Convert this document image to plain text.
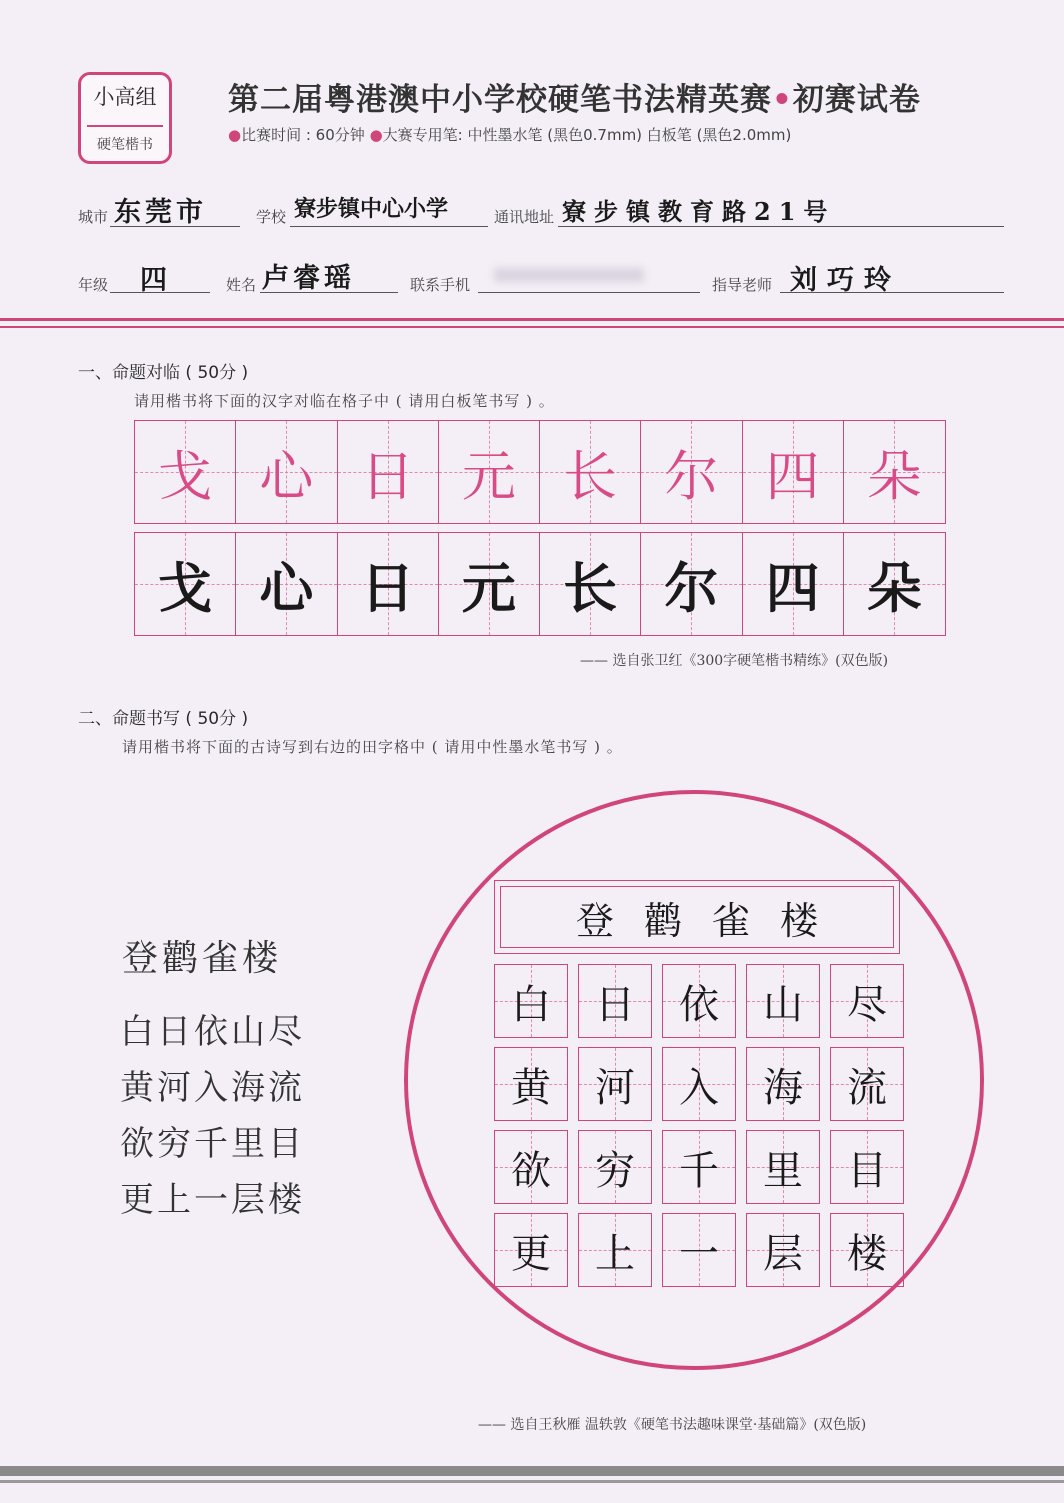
小高组
硬笔楷书
第二届粤港澳中小学校硬笔书法精英赛•初赛试卷
●比赛时间 : 60分钟 ●大赛专用笔: 中性墨水笔 (黑色0.7mm) 白板笔 (黑色2.0mm)
城市 东莞市	学校 寮步镇中心小学	通讯地址 寮步镇教育路21号
年级 四	姓名 卢睿瑶	联系手机	指导老师 刘巧玲
一、命题对临 ( 50分 )
请用楷书将下面的汉字对临在格子中 ( 请用白板笔书写 ) 。
戈 心 日 元 长 尔 四 朵
戈 心 日 元 长 尔 四 朵
—— 选自张卫红《300字硬笔楷书精练》(双色版)
二、命题书写 ( 50分 )
请用楷书将下面的古诗写到右边的田字格中 ( 请用中性墨水笔书写 ) 。
登鹳雀楼
白日依山尽
黄河入海流
欲穷千里目
更上一层楼
登鹳雀楼
白 日 依 山 尽
黄 河 入 海 流
欲 穷 千 里 目
更 上 一 层 楼
—— 选自王秋雁 温轶敦《硬笔书法趣味课堂·基础篇》(双色版)
